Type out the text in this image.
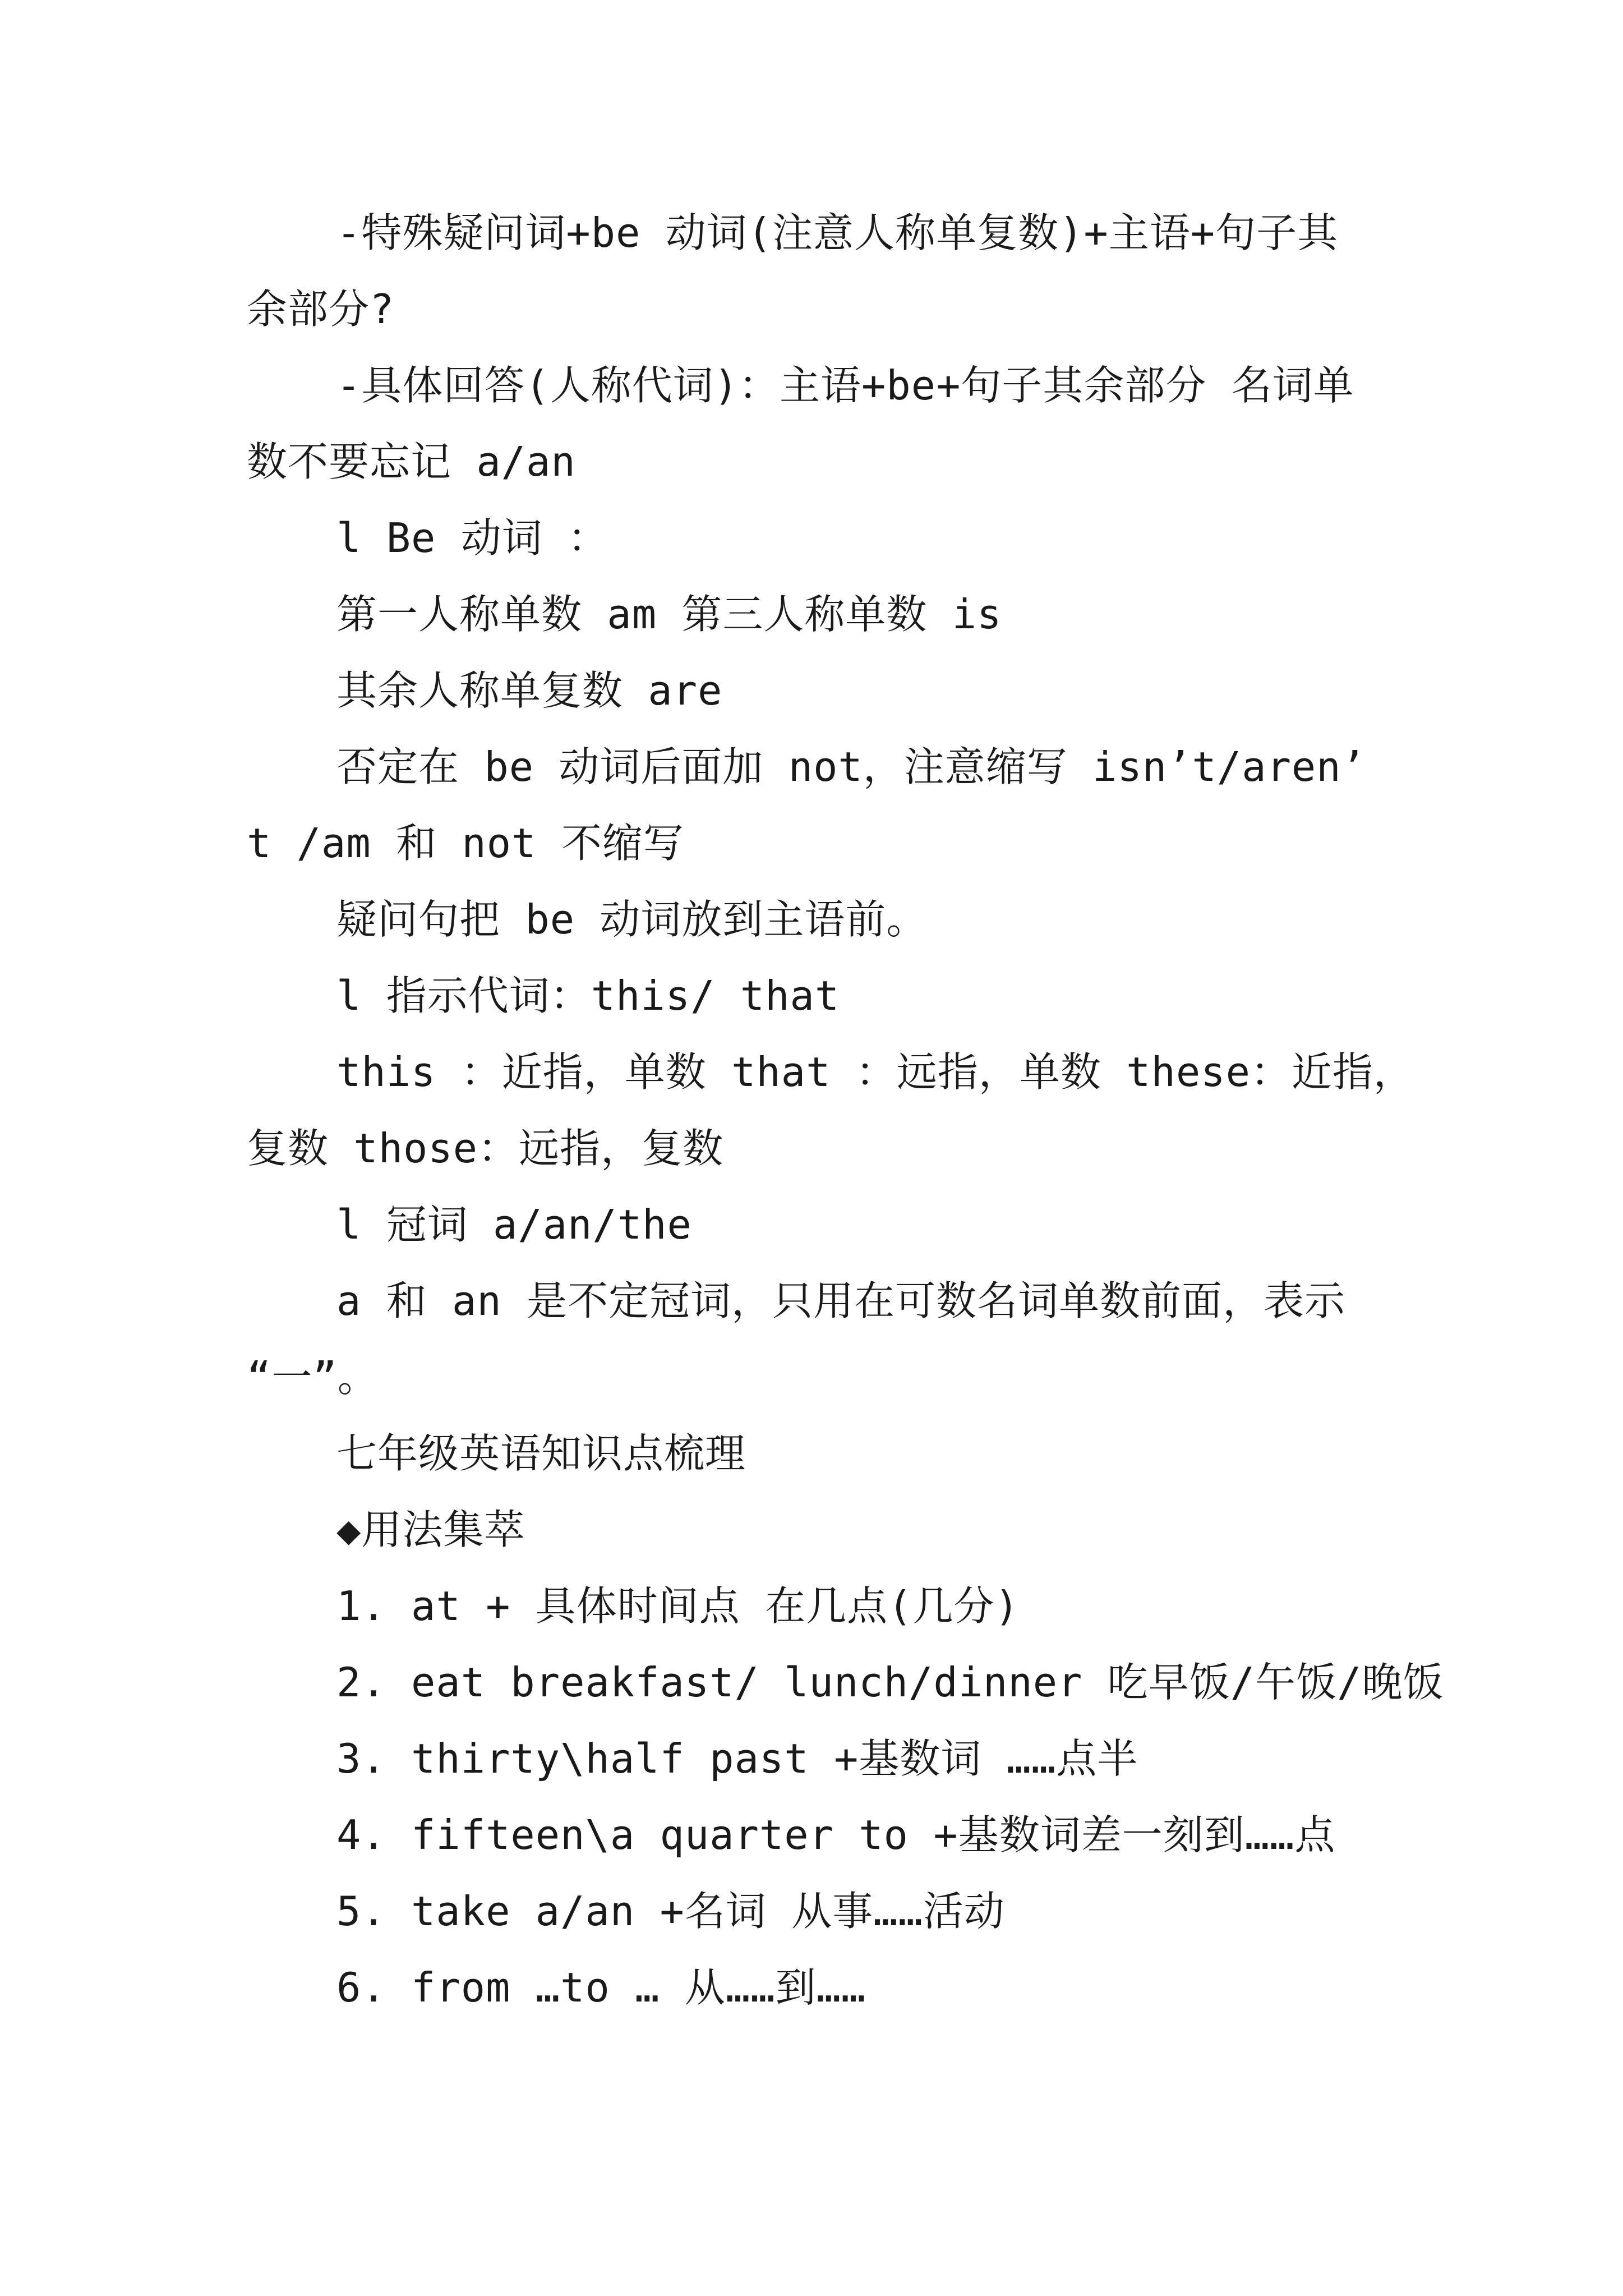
-特殊疑问词+be 动词(注意人称单复数)+主语+句子其
余部分?
-具体回答(人称代词)：主语+be+句子其余部分 名词单
数不要忘记 a/an
l Be 动词 ：
第一人称单数 am 第三人称单数 is
其余人称单复数 are
否定在 be 动词后面加 not，注意缩写 isn’t/aren’
t /am 和 not 不缩写
疑问句把 be 动词放到主语前。
l 指示代词：this/ that
this ：近指，单数 that ：远指，单数 these：近指，
复数 those：远指，复数
l 冠词 a/an/the
a 和 an 是不定冠词，只用在可数名词单数前面，表示
“一”。
七年级英语知识点梳理
◆用法集萃
1. at + 具体时间点 在几点(几分)
2. eat breakfast/ lunch/dinner 吃早饭/午饭/晚饭
3. thirty\half past +基数词 ……点半
4. fifteen\a quarter to +基数词差一刻到……点
5. take a/an +名词 从事……活动
6. from …to … 从……到……
